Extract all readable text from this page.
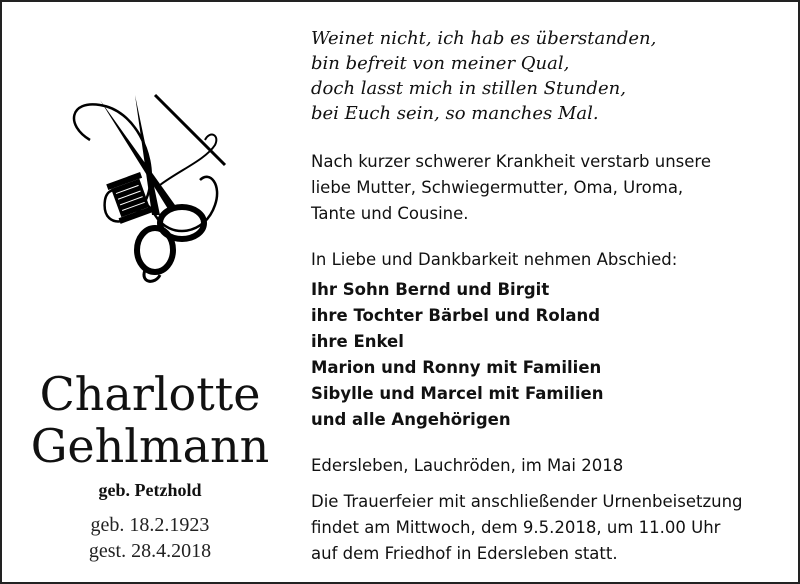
Charlotte
Gehlmann
geb. Petzhold
geb. 18.2.1923
gest. 28.4.2018
Weinet nicht, ich hab es überstanden,
bin befreit von meiner Qual,
doch lasst mich in stillen Stunden,
bei Euch sein, so manches Mal.
Nach kurzer schwerer Krankheit verstarb unsere
liebe Mutter, Schwiegermutter, Oma, Uroma,
Tante und Cousine.
In Liebe und Dankbarkeit nehmen Abschied:
Ihr Sohn Bernd und Birgit
ihre Tochter Bärbel und Roland
ihre Enkel
Marion und Ronny mit Familien
Sibylle und Marcel mit Familien
und alle Angehörigen
Edersleben, Lauchröden, im Mai 2018
Die Trauerfeier mit anschließender Urnenbeisetzung
findet am Mittwoch, dem 9.5.2018, um 11.00 Uhr
auf dem Friedhof in Edersleben statt.
